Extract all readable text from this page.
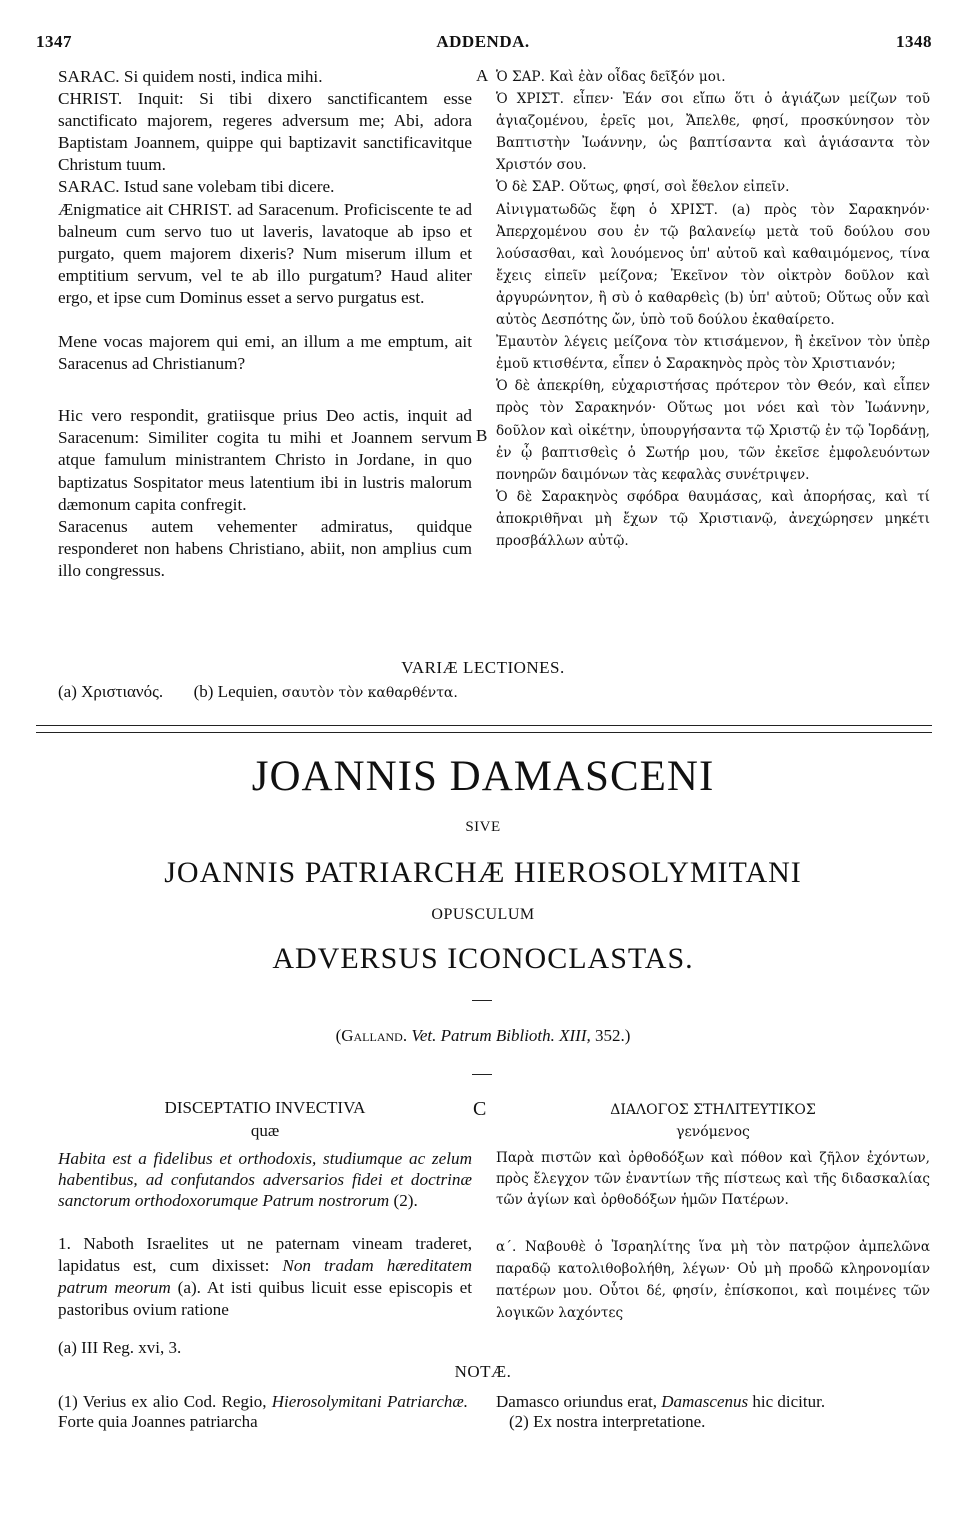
1347	ADDENDA.	1348
A
B
C

SARAC. Si quidem nosti, indica mihi.

CHRIST. Inquit: Si tibi dixero sanctificantem esse sanctificato majorem, regeres adversum me; Abi, adora Baptistam Joannem, quippe qui baptizavit sanctificavitque Christum tuum.

SARAC. Istud sane volebam tibi dicere.

Ænigmatice ait CHRIST. ad Saracenum. Proficiscente te ad balneum cum servo tuo ut laveris, lavatoque ab ipso et purgato, quem majorem dixeris? Num miserum illum et emptitium servum, vel te ab illo purgatum? Haud aliter ergo, et ipse cum Dominus esset a servo purgatus est.

Mene vocas majorem qui emi, an illum a me emptum, ait Saracenus ad Christianum?

Hic vero respondit, gratiisque prius Deo actis, inquit ad Saracenum: Similiter cogita tu mihi et Joannem servum atque famulum ministrantem Christo in Jordane, in quo baptizatus Sospitator meus latentium ibi in lustris malorum dæmonum capita confregit.

Saracenus autem vehementer admiratus, quidque responderet non habens Christiano, abiit, non amplius cum illo congressus.

Ὁ ΣΑΡ. Καὶ ἐὰν οἶδας δεῖξόν μοι.

Ὁ ΧΡΙΣΤ. εἶπεν· Ἐάν σοι εἴπω ὅτι ὁ ἁγιάζων μείζων τοῦ ἁγιαζομένου, ἐρεῖς μοι, Ἄπελθε, φησί, προσκύνησον τὸν Βαπτιστὴν Ἰωάννην, ὡς βαπτίσαντα καὶ ἁγιάσαντα τὸν Χριστόν σου.

Ὁ δὲ ΣΑΡ. Οὕτως, φησί, σοὶ ἔθελον εἰπεῖν.

Αἰνιγματωδῶς ἔφη ὁ ΧΡΙΣΤ. (a) πρὸς τὸν Σαρακηνόν· Ἀπερχομένου σου ἐν τῷ βαλανείῳ μετὰ τοῦ δούλου σου λούσασθαι, καὶ λουόμενος ὑπ' αὐτοῦ καὶ καθαιμόμενος, τίνα ἔχεις εἰπεῖν μείζονα; Ἐκεῖνον τὸν οἰκτρὸν δοῦλον καὶ ἀργυρώνητον, ἢ σὺ ὁ καθαρθεὶς (b) ὑπ' αὐτοῦ; Οὕτως οὖν καὶ αὐτὸς Δεσπότης ὤν, ὑπὸ τοῦ δούλου ἐκαθαίρετο.

Ἐμαυτὸν λέγεις μείζονα τὸν κτισάμενον, ἢ ἐκεῖνον τὸν ὑπὲρ ἐμοῦ κτισθέντα, εἶπεν ὁ Σαρακηνὸς πρὸς τὸν Χριστιανόν;

Ὁ δὲ ἀπεκρίθη, εὐχαριστήσας πρότερον τὸν Θεόν, καὶ εἶπεν πρὸς τὸν Σαρακηνόν· Οὕτως μοι νόει καὶ τὸν Ἰωάννην, δοῦλον καὶ οἰκέτην, ὑπουργήσαντα τῷ Χριστῷ ἐν τῷ Ἰορδάνῃ, ἐν ᾧ βαπτισθεὶς ὁ Σωτήρ μου, τῶν ἐκεῖσε ἐμφολευόντων πονηρῶν δαιμόνων τὰς κεφαλὰς συνέτριψεν.

Ὁ δὲ Σαρακηνὸς σφόδρα θαυμάσας, καὶ ἀπορήσας, καὶ τί ἀποκριθῆναι μὴ ἔχων τῷ Χριστιανῷ, ἀνεχώρησεν μηκέτι προσβάλλων αὐτῷ.

VARIÆ LECTIONES.
(a) Χριστιανός. (b) Lequien, σαυτὸν τὸν καθαρθέντα.
JOANNIS DAMASCENI
SIVE
JOANNIS PATRIARCHÆ HIEROSOLYMITANI
OPUSCULUM
ADVERSUS ICONOCLASTAS.
(Galland. Vet. Patrum Biblioth. XIII, 352.)
DISCEPTATIO INVECTIVA
quæ
Habita est a fidelibus et orthodoxis, studiumque ac zelum habentibus, ad confutandos adversarios fidei et doctrinæ sanctorum orthodoxorumque Patrum nostrorum (2).
1. Naboth Israelites ut ne paternam vineam traderet, lapidatus est, cum dixisset: Non tradam hæreditatem patrum meorum (a). At isti quibus licuit esse episcopis et pastoribus ovium ratione
(a) III Reg. xvi, 3.
ΔΙΑΛΟΓΟΣ ΣΤΗΛΙΤΕΥΤΙΚΟΣ
γενόμενος
Παρὰ πιστῶν καὶ ὀρθοδόξων καὶ πόθον καὶ ζῆλον ἐχόντων, πρὸς ἔλεγχον τῶν ἐναντίων τῆς πίστεως καὶ τῆς διδασκαλίας τῶν ἁγίων καὶ ὀρθοδόξων ἡμῶν Πατέρων.
α΄. Ναβουθὲ ὁ Ἰσραηλίτης ἵνα μὴ τὸν πατρῷον ἀμπελῶνα παραδῷ κατολιθοβολήθη, λέγων· Οὐ μὴ προδῶ κληρονομίαν πατέρων μου. Οὗτοι δέ, φησίν, ἐπίσκοποι, καὶ ποιμένες τῶν λογικῶν λαχόντες
NOTÆ.
(1) Verius ex alio Cod. Regio, Hierosolymitani Patriarchæ. Forte quia Joannes patriarcha
Damasco oriundus erat, Damascenus hic dicitur.
(2) Ex nostra interpretatione.
